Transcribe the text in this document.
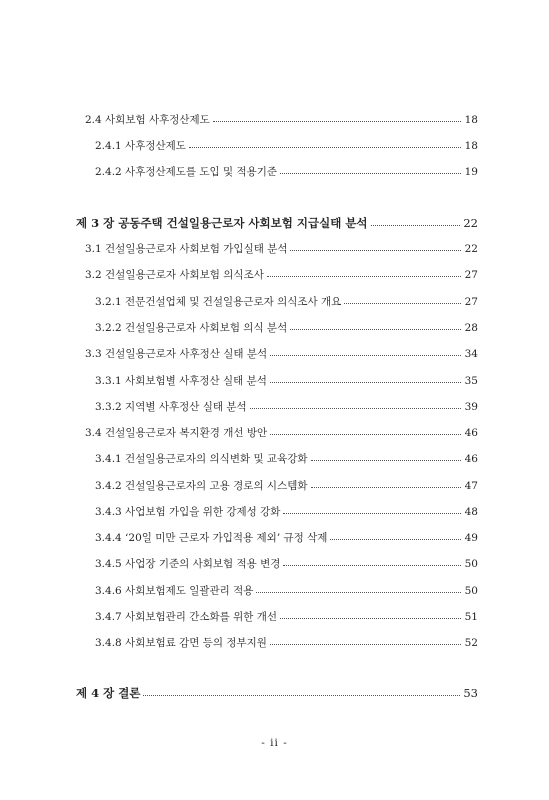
2.4 사회보험 사후정산제도	18
2.4.1 사후정산제도	18
2.4.2 사후정산제도를 도입 및 적용기준	19
제 3 장 공동주택 건설일용근로자 사회보험 지급실태 분석	22
3.1 건설일용근로자 사회보험 가입실태 분석	22
3.2 건설일용근로자 사회보험 의식조사	27
3.2.1 전문건설업체 및 건설일용근로자 의식조사 개요	27
3.2.2 건설일용근로자 사회보험 의식 분석	28
3.3 건설일용근로자 사후정산 실태 분석	34
3.3.1 사회보험별 사후정산 실태 분석	35
3.3.2 지역별 사후정산 실태 분석	39
3.4 건설일용근로자 복지환경 개선 방안	46
3.4.1 건설일용근로자의 의식변화 및 교육강화	46
3.4.2 건설일용근로자의 고용 경로의 시스템화	47
3.4.3 사업보험 가입을 위한 강제성 강화	48
3.4.4 ‘20일 미만 근로자 가입적용 제외’ 규정 삭제	49
3.4.5 사업장 기준의 사회보험 적용 변경	50
3.4.6 사회보험제도 일괄관리 적용	50
3.4.7 사회보험관리 간소화를 위한 개선	51
3.4.8 사회보험료 감면 등의 정부지원	52
제 4 장 결론	53
- ii -
